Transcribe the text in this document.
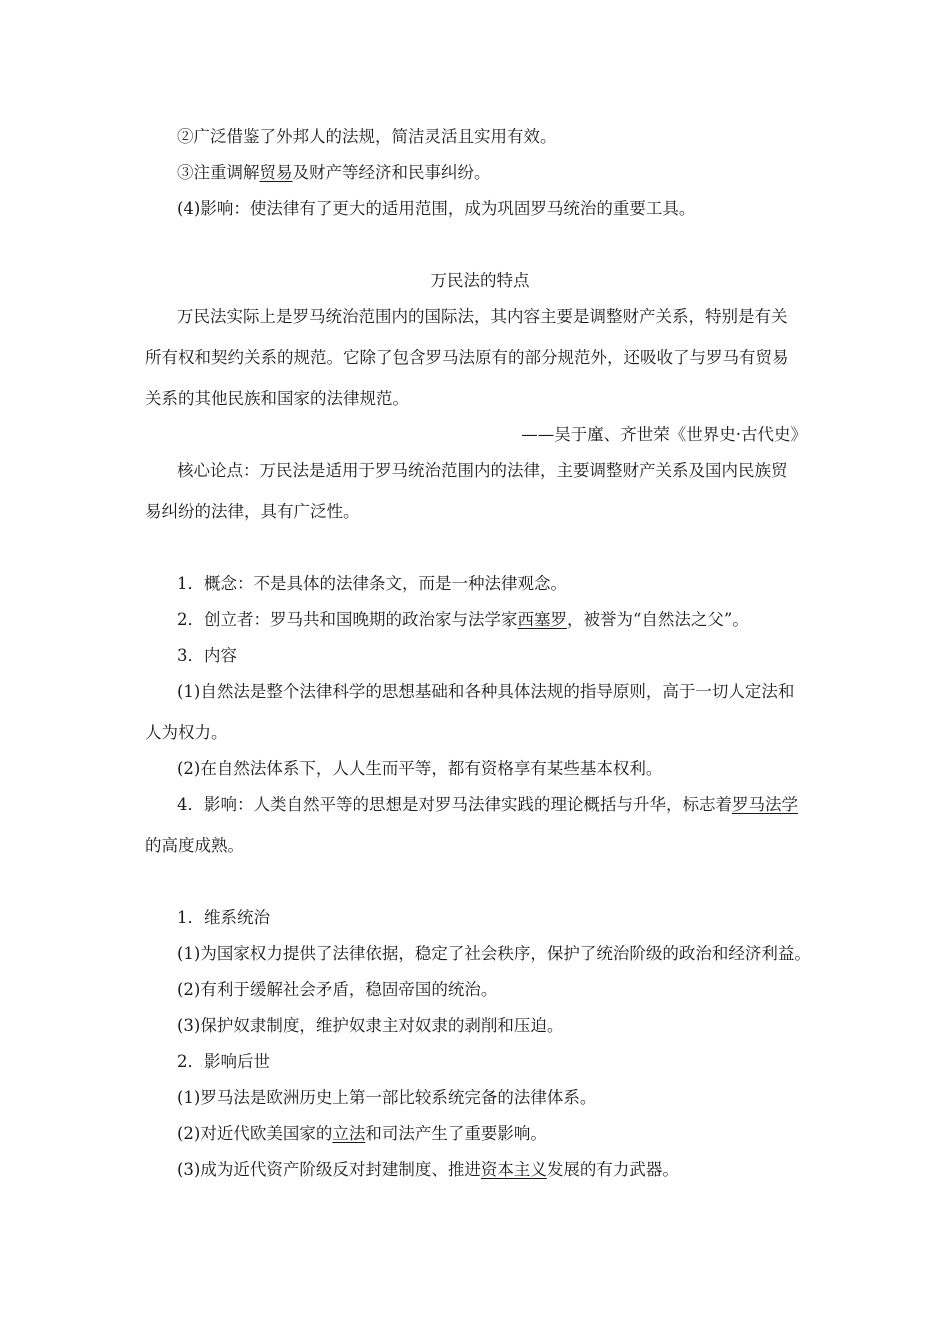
②广泛借鉴了外邦人的法规，简洁灵活且实用有效。
③注重调解贸易及财产等经济和民事纠纷。
(4)影响：使法律有了更大的适用范围，成为巩固罗马统治的重要工具。
万民法的特点
万民法实际上是罗马统治范围内的国际法，其内容主要是调整财产关系，特别是有关
所有权和契约关系的规范。它除了包含罗马法原有的部分规范外，还吸收了与罗马有贸易
关系的其他民族和国家的法律规范。
——吴于廑、齐世荣《世界史·古代史》
核心论点：万民法是适用于罗马统治范围内的法律，主要调整财产关系及国内民族贸
易纠纷的法律，具有广泛性。
1．概念：不是具体的法律条文，而是一种法律观念。
2．创立者：罗马共和国晚期的政治家与法学家西塞罗，被誉为“自然法之父”。
3．内容
(1)自然法是整个法律科学的思想基础和各种具体法规的指导原则，高于一切人定法和
人为权力。
(2)在自然法体系下，人人生而平等，都有资格享有某些基本权利。
4．影响：人类自然平等的思想是对罗马法律实践的理论概括与升华，标志着罗马法学
的高度成熟。
1．维系统治
(1)为国家权力提供了法律依据，稳定了社会秩序，保护了统治阶级的政治和经济利益。
(2)有利于缓解社会矛盾，稳固帝国的统治。
(3)保护奴隶制度，维护奴隶主对奴隶的剥削和压迫。
2．影响后世
(1)罗马法是欧洲历史上第一部比较系统完备的法律体系。
(2)对近代欧美国家的立法和司法产生了重要影响。
(3)成为近代资产阶级反对封建制度、推进资本主义发展的有力武器。
